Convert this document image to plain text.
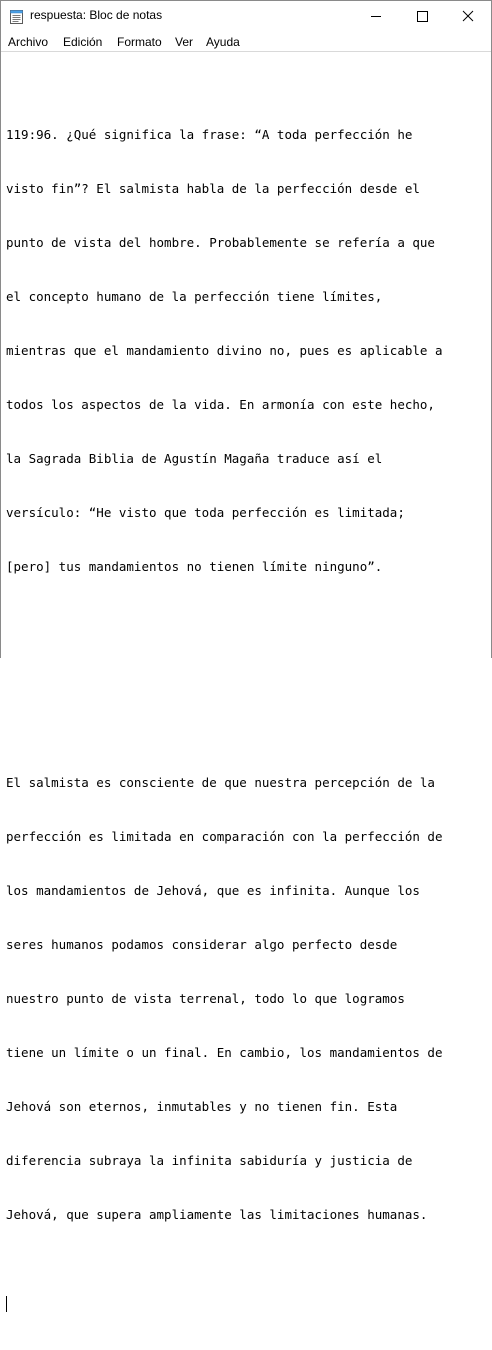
respuesta: Bloc de notas
Archivo Edición Formato Ver Ayuda

119:96. ¿Qué significa la frase: “A toda perfección he

visto fin”? El salmista habla de la perfección desde el

punto de vista del hombre. Probablemente se refería a que

el concepto humano de la perfección tiene límites,

mientras que el mandamiento divino no, pues es aplicable a

todos los aspectos de la vida. En armonía con este hecho,

la Sagrada Biblia de Agustín Magaña traduce así el

versículo: “He visto que toda perfección es limitada;

[pero] tus mandamientos no tienen límite ninguno”.

El salmista es consciente de que nuestra percepción de la

perfección es limitada en comparación con la perfección de

los mandamientos de Jehová, que es infinita. Aunque los

seres humanos podamos considerar algo perfecto desde

nuestro punto de vista terrenal, todo lo que logramos

tiene un límite o un final. En cambio, los mandamientos de

Jehová son eternos, inmutables y no tienen fin. Esta

diferencia subraya la infinita sabiduría y justicia de

Jehová, que supera ampliamente las limitaciones humanas.
